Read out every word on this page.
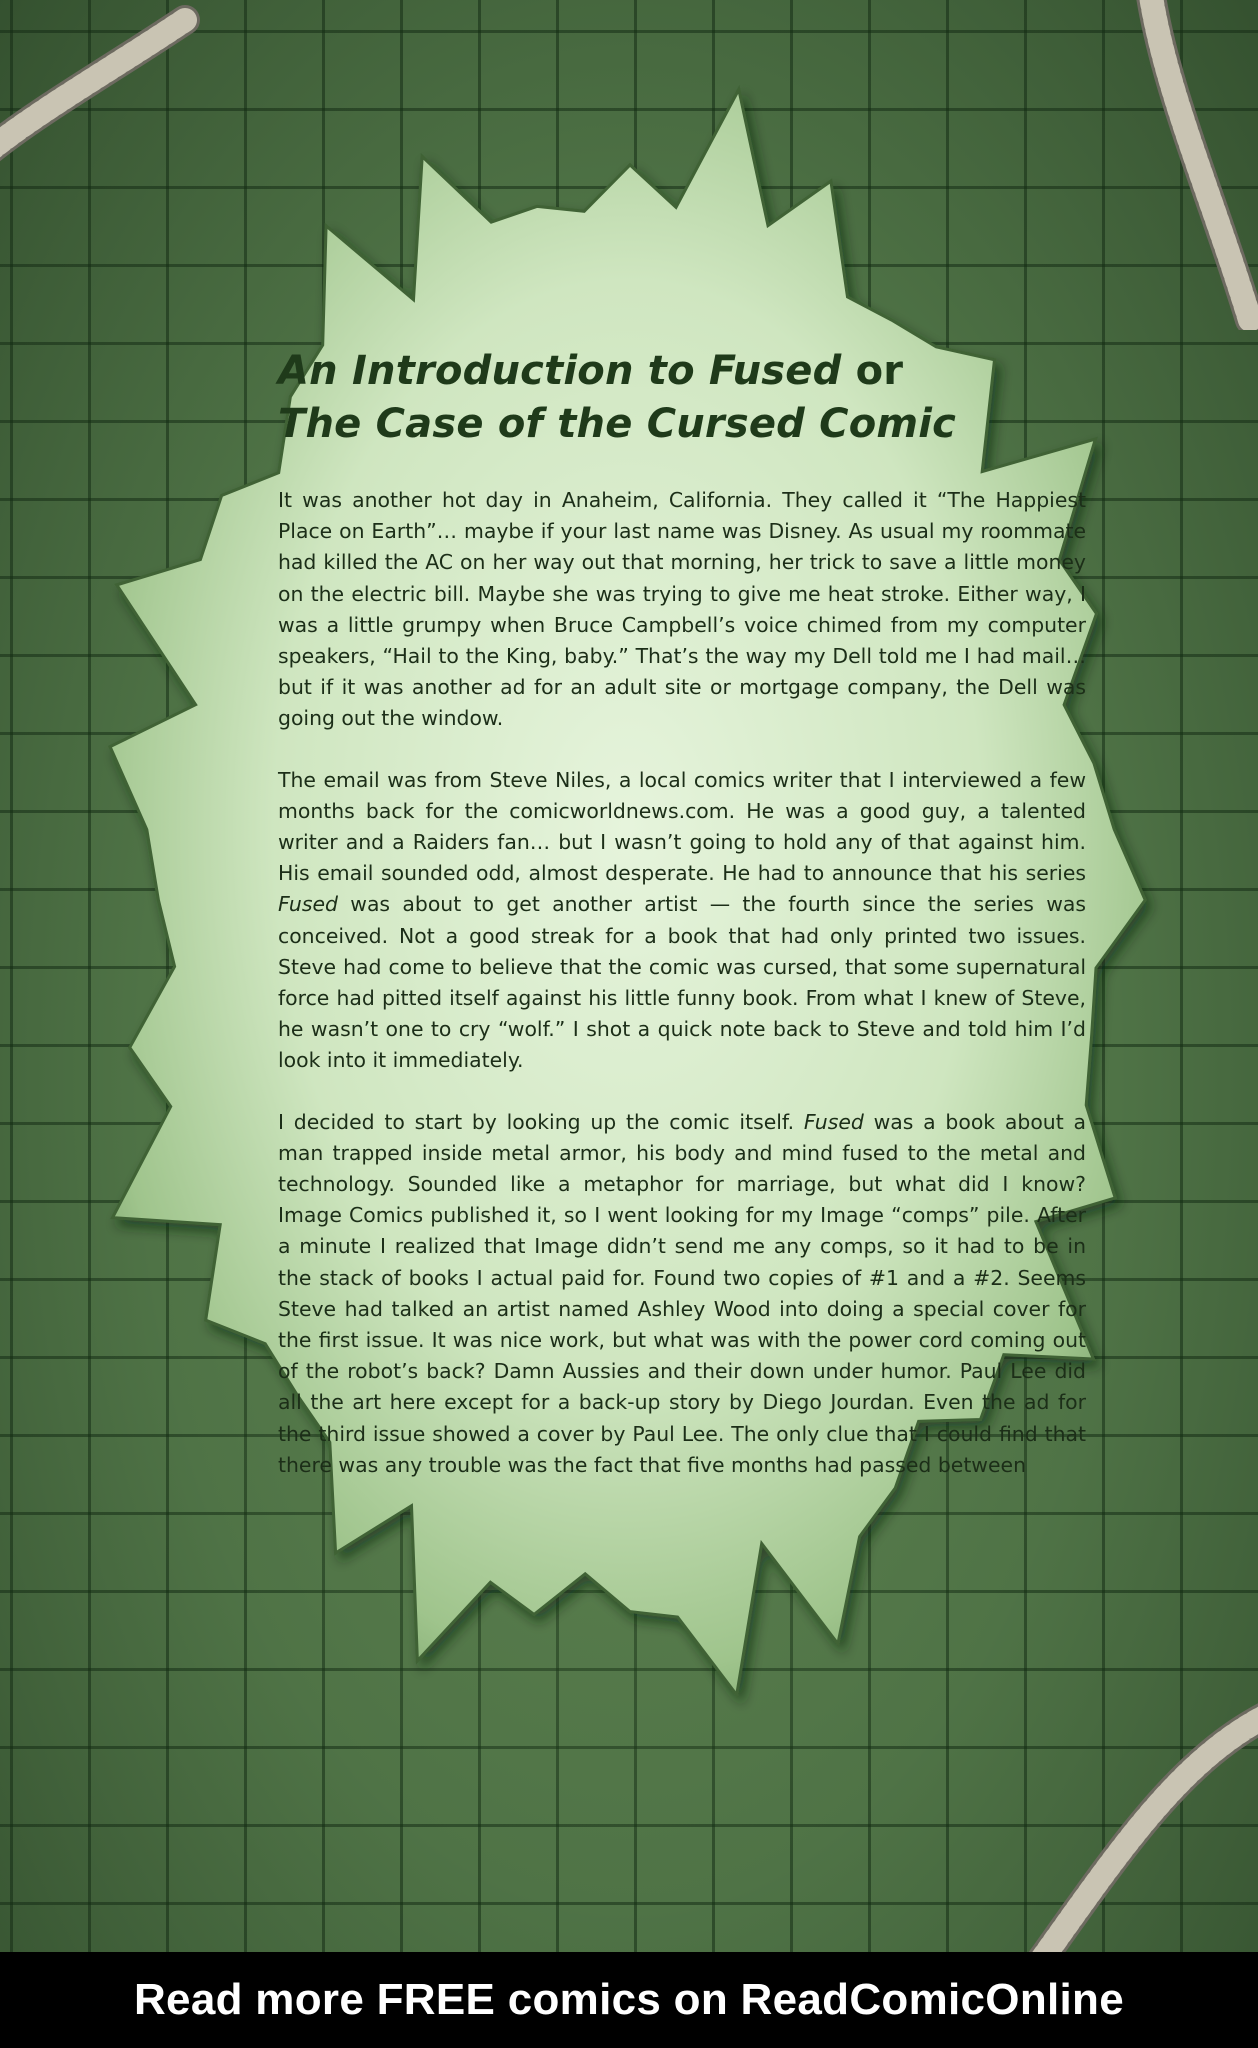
An Introduction to Fused or
The Case of the Cursed Comic

It was another hot day in Anaheim, California. They called it “The Happiest Place on Earth”… maybe if your last name was Disney. As usual my roommate had killed the AC on her way out that morning, her trick to save a little money on the electric bill. Maybe she was trying to give me heat stroke. Either way, I was a little grumpy when Bruce Campbell’s voice chimed from my computer speakers, “Hail to the King, baby.” That’s the way my Dell told me I had mail… but if it was another ad for an adult site or mortgage company, the Dell was going out the window.

The email was from Steve Niles, a local comics writer that I interviewed a few months back for the comicworldnews.com. He was a good guy, a talented writer and a Raiders fan… but I wasn’t going to hold any of that against him. His email sounded odd, almost desperate. He had to announce that his series Fused was about to get another artist — the fourth since the series was conceived. Not a good streak for a book that had only printed two issues. Steve had come to believe that the comic was cursed, that some supernatural force had pitted itself against his little funny book. From what I knew of Steve, he wasn’t one to cry “wolf.” I shot a quick note back to Steve and told him I’d look into it immediately.

I decided to start by looking up the comic itself. Fused was a book about a man trapped inside metal armor, his body and mind fused to the metal and technology. Sounded like a metaphor for marriage, but what did I know? Image Comics published it, so I went looking for my Image “comps” pile. After a minute I realized that Image didn’t send me any comps, so it had to be in the stack of books I actual paid for. Found two copies of #1 and a #2. Seems Steve had talked an artist named Ashley Wood into doing a special cover for the first issue. It was nice work, but what was with the power cord coming out of the robot’s back? Damn Aussies and their down under humor. Paul Lee did all the art here except for a back-up story by Diego Jourdan. Even the ad for the third issue showed a cover by Paul Lee. The only clue that I could find that there was any trouble was the fact that five months had passed between

Read more FREE comics on ReadComicOnline
